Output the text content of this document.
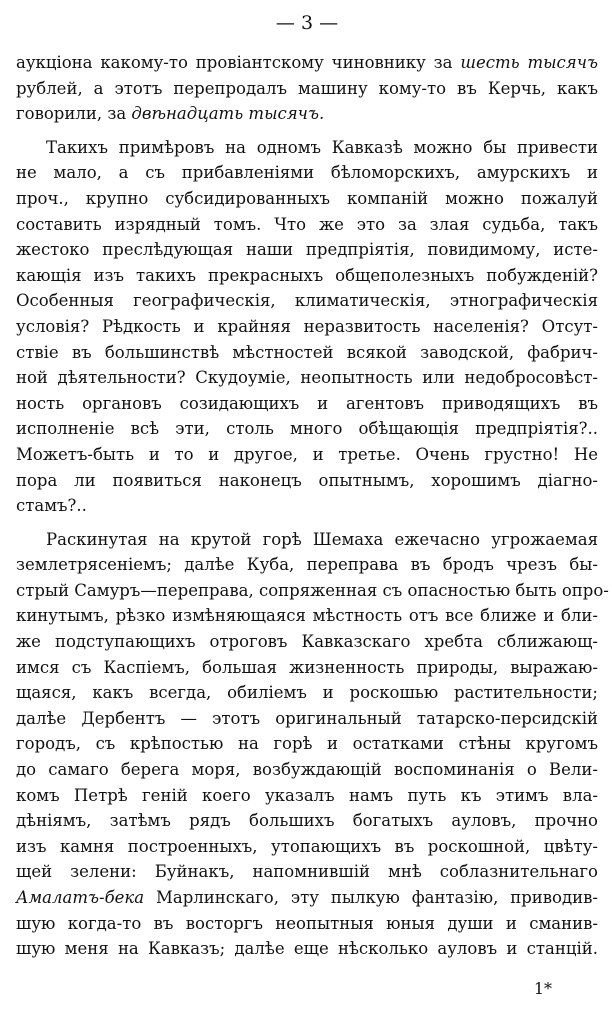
— 3 —
аукціона какому-то провіантскому чиновнику за шесть тысячъ
рублей, а этотъ перепродалъ машину кому-то въ Керчь, какъ
говорили, за двѣнадцать тысячъ.
Такихъ примѣровъ на одномъ Кавказѣ можно бы привести
не мало, а съ прибавленіями бѣломорскихъ, амурскихъ и
проч., крупно субсидированныхъ компаній можно пожалуй
составить изрядный томъ. Что же это за злая судьба, такъ
жестоко преслѣдующая наши предпріятія, повидимому, исте-
кающія изъ такихъ прекрасныхъ общеполезныхъ побужденій?
Особенныя географическія, климатическія, этнографическія
условія? Рѣдкость и крайняя неразвитость населенія? Отсут-
ствіе въ большинствѣ мѣстностей всякой заводской, фабрич-
ной дѣятельности? Скудоуміе, неопытность или недобросовѣст-
ность органовъ созидающихъ и агентовъ приводящихъ въ
исполненіе всѣ эти, столь много обѣщающія предпріятія?..
Можетъ-быть и то и другое, и третье. Очень грустно! Не
пора ли появиться наконецъ опытнымъ, хорошимъ діагно-
стамъ?..
Раскинутая на крутой горѣ Шемаха ежечасно угрожаемая
землетрясеніемъ; далѣе Куба, переправа въ бродъ чрезъ бы-
стрый Самуръ—переправа, сопряженная съ опасностью быть опро-
кинутымъ, рѣзко измѣняющаяся мѣстность отъ все ближе и бли-
же подступающихъ отроговъ Кавказскаго хребта сближающ-
имся съ Каспіемъ, большая жизненность природы, выражаю-
щаяся, какъ всегда, обиліемъ и роскошью растительности;
далѣе Дербентъ — этотъ оригинальный татарско-персидскій
городъ, съ крѣпостью на горѣ и остатками стѣны кругомъ
до самаго берега моря, возбуждающій воспоминанія о Вели-
комъ Петрѣ геній коего указалъ намъ путь къ этимъ вла-
дѣніямъ, затѣмъ рядъ большихъ богатыхъ ауловъ, прочно
изъ камня построенныхъ, утопающихъ въ роскошной, цвѣту-
щей зелени: Буйнакъ, напомнившій мнѣ соблазнительнаго
Амалатъ-бека Марлинскаго, эту пылкую фантазію, приводив-
шую когда-то въ восторгъ неопытныя юныя души и сманив-
шую меня на Кавказъ; далѣе еще нѣсколько ауловъ и станцій.
1*
